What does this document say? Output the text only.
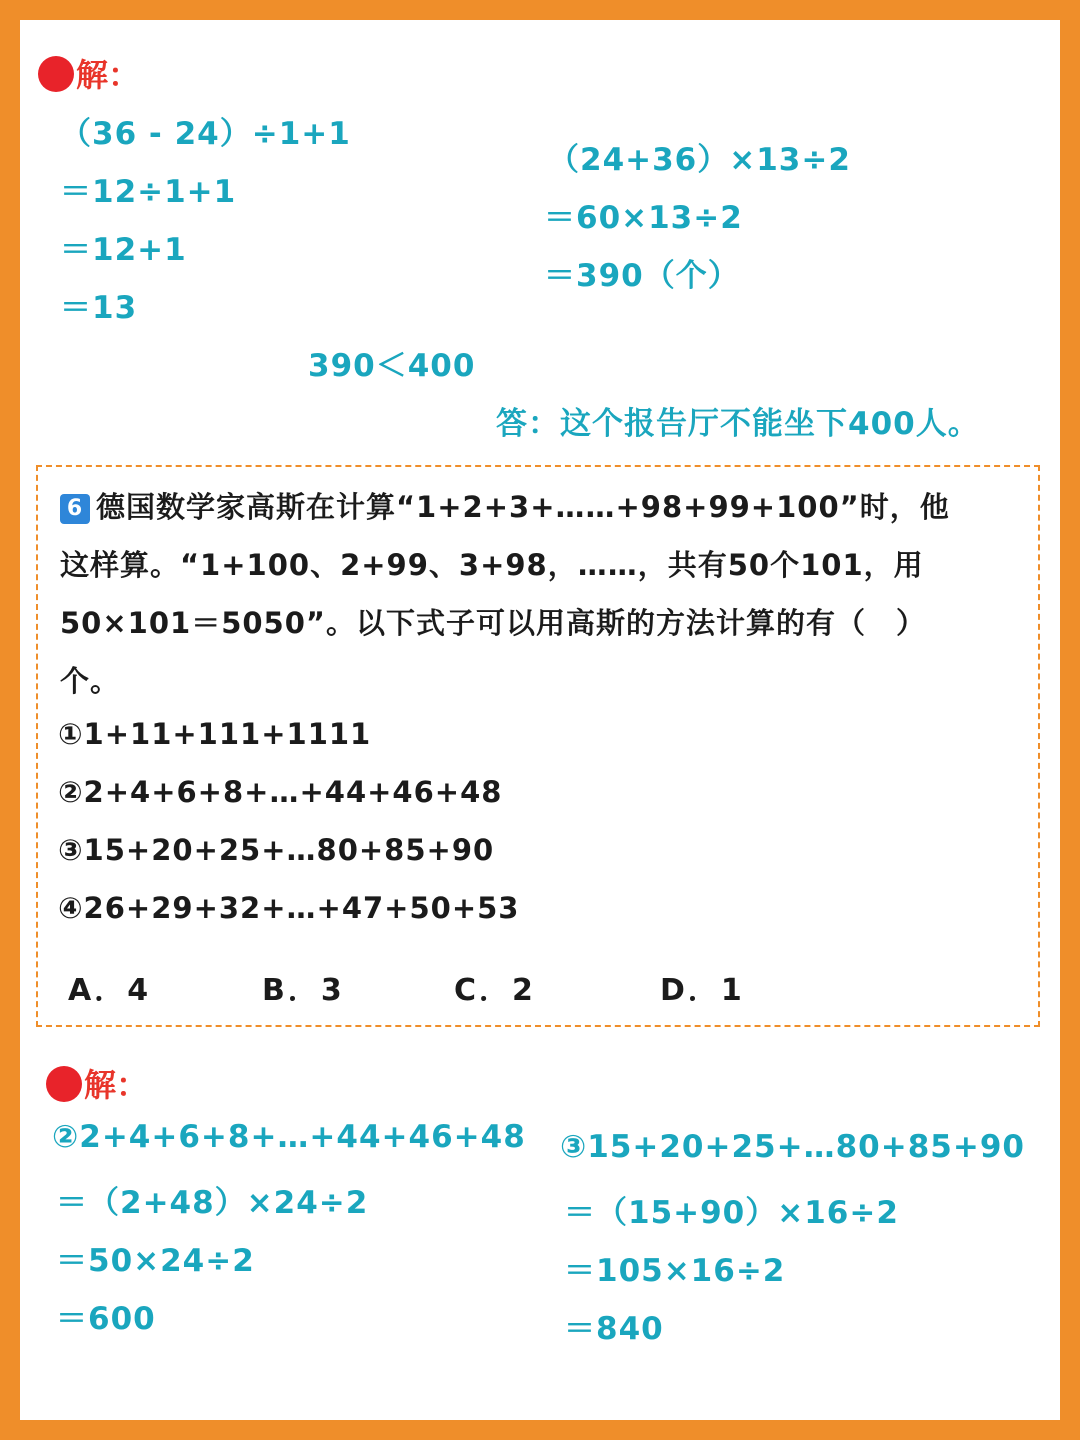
解：
（36 - 24）÷1+1
＝12÷1+1
＝12+1
＝13
（24+36）×13÷2
＝60×13÷2
＝390（个）
390＜400
答：这个报告厅不能坐下400人。
6 德国数学家高斯在计算“1+2+3+……+98+99+100”时，他
这样算。“1+100、2+99、3+98，……，共有50个101，用
50×101＝5050”。以下式子可以用高斯的方法计算的有（　）
个。
①1+11+111+1111
②2+4+6+8+…+44+46+48
③15+20+25+…80+85+90
④26+29+32+…+47+50+53
A．4	B．3	C．2	D．1
解：
②2+4+6+8+…+44+46+48
＝（2+48）×24÷2
＝50×24÷2
＝600
③15+20+25+…80+85+90
＝（15+90）×16÷2
＝105×16÷2
＝840
